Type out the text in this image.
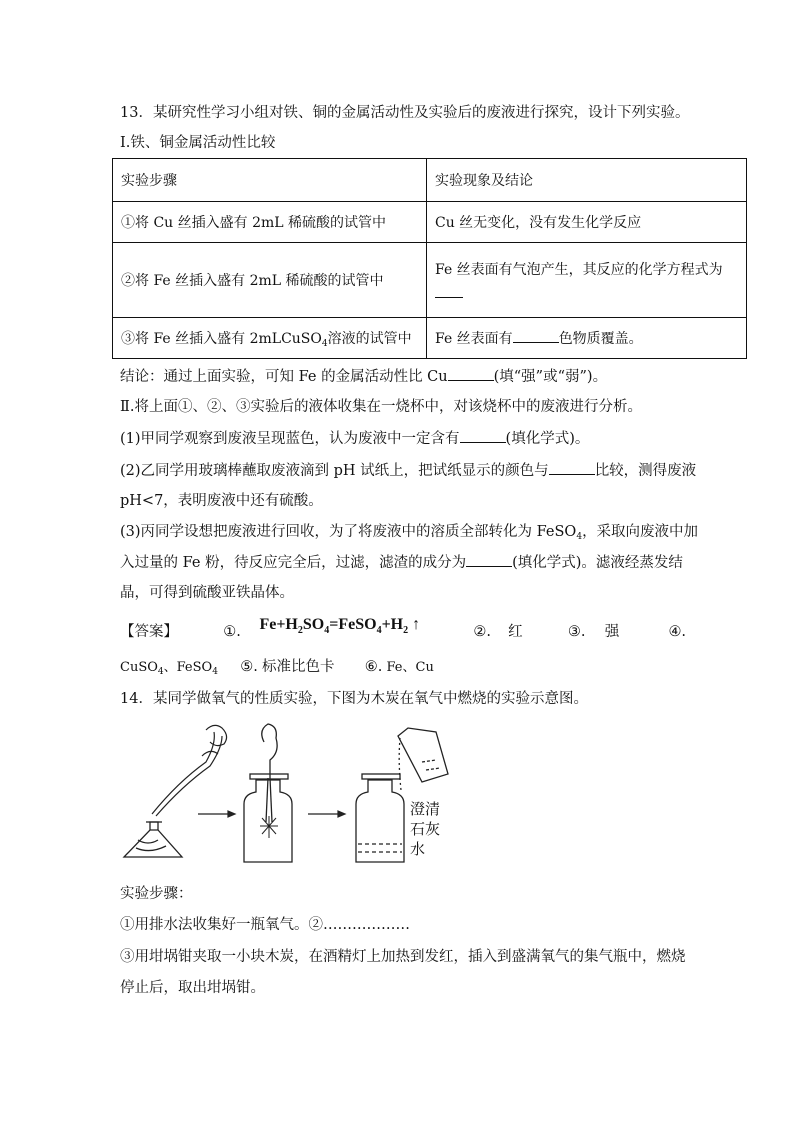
13．某研究性学习小组对铁、铜的金属活动性及实验后的废液进行探究，设计下列实验。
Ⅰ.铁、铜金属活动性比较
实验步骤	实验现象及结论
①将 Cu 丝插入盛有 2mL 稀硫酸的试管中	Cu 丝无变化，没有发生化学反应
②将 Fe 丝插入盛有 2mL 稀硫酸的试管中	Fe 丝表面有气泡产生，其反应的化学方程式为

③将 Fe 丝插入盛有 2mLCuSO$_4$溶液的试管中	Fe 丝表面有 色物质覆盖。
结论：通过上面实验，可知 Fe 的金属活动性比 Cu	(填“强”或“弱”)。
Ⅱ.将上面①、②、③实验后的液体收集在一烧杯中，对该烧杯中的废液进行分析。
(1)甲同学观察到废液呈现蓝色，认为废液中一定含有	(填化学式)。
(2)乙同学用玻璃棒蘸取废液滴到 pH 试纸上，把试纸显示的颜色与	比较，测得废液
pH<7，表明废液中还有硫酸。
(3)丙同学设想把废液进行回收，为了将废液中的溶质全部转化为 FeSO$_4$，采取向废液中加
入过量的 Fe 粉，待反应完全后，过滤，滤渣的成分为	(填化学式)。滤液经蒸发结
晶，可得到硫酸亚铁晶体。
【答案】	①. $Fe+H_2SO_4=FeSO_4+H_2$ ↑	②. 红	③. 强	④.
CuSO$_4$、FeSO$_4$ ⑤. 标准比色卡 ⑥. Fe、Cu
14．某同学做氧气的性质实验，下图为木炭在氧气中燃烧的实验示意图。
澄清
石灰
水
实验步骤：
①用排水法收集好一瓶氧气。②………………
③用坩埚钳夹取一小块木炭，在酒精灯上加热到发红，插入到盛满氧气的集气瓶中，燃烧
停止后，取出坩埚钳。
